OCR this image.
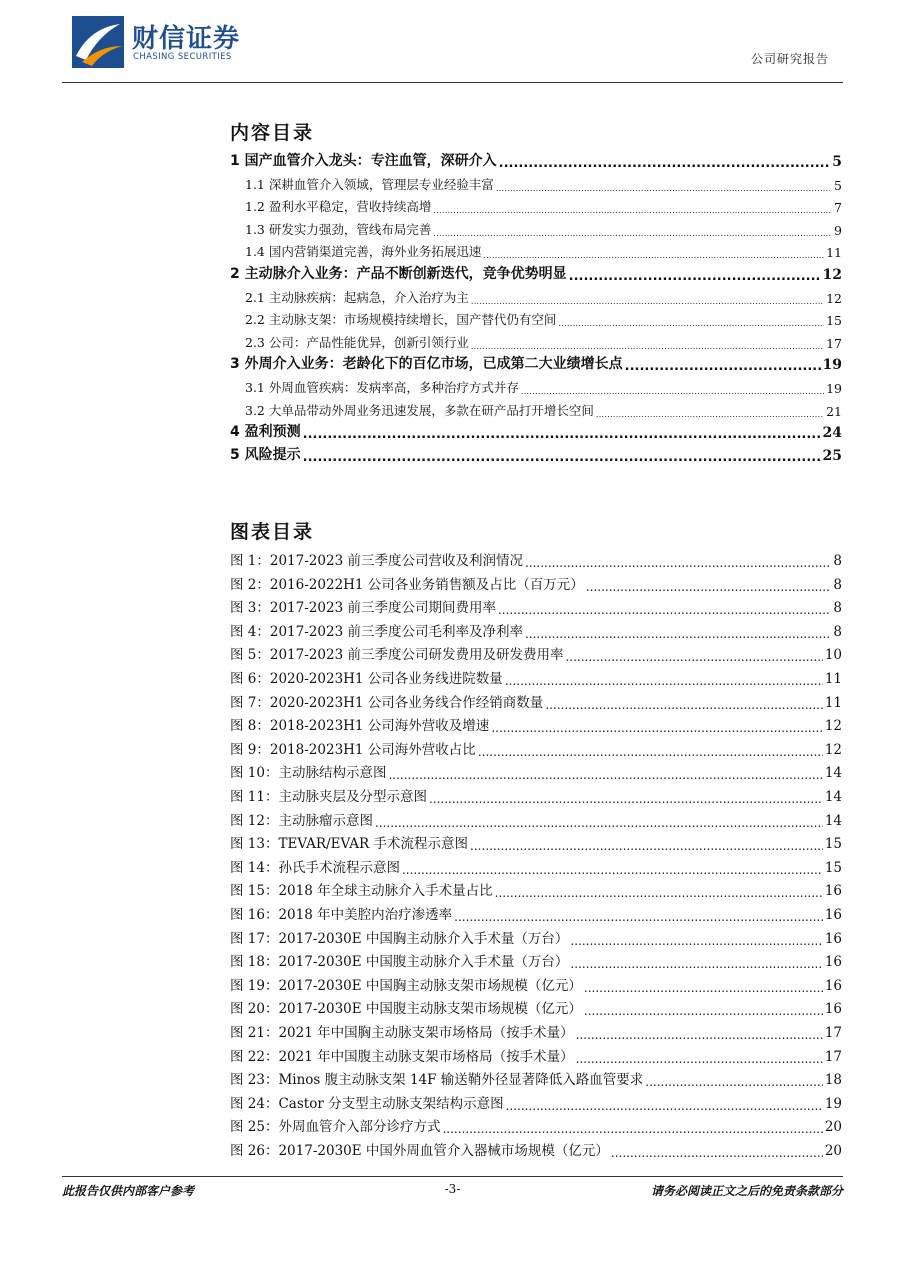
财信证券
CHASING SECURITIES	公司研究报告
内容目录
1 国产血管介入龙头：专注血管，深研介入 .....	5
1.1 深耕血管介入领域，管理层专业经验丰富 .....	5
1.2 盈利水平稳定，营收持续高增 .....	7
1.3 研发实力强劲，管线布局完善 .....	9
1.4 国内营销渠道完善，海外业务拓展迅速 .....	11
2 主动脉介入业务：产品不断创新迭代，竞争优势明显 .....	12
2.1 主动脉疾病：起病急，介入治疗为主 .....	12
2.2 主动脉支架：市场规模持续增长，国产替代仍有空间 .....	15
2.3 公司：产品性能优异，创新引领行业 .....	17
3 外周介入业务：老龄化下的百亿市场，已成第二大业绩增长点 .....	19
3.1 外周血管疾病：发病率高，多种治疗方式并存 .....	19
3.2 大单品带动外周业务迅速发展，多款在研产品打开增长空间 .....	21
4 盈利预测 .....	24
5 风险提示 .....	25
图表目录
图 1：2017-2023 前三季度公司营收及利润情况 .....	8
图 2：2016-2022H1 公司各业务销售额及占比（百万元） .....	8
图 3：2017-2023 前三季度公司期间费用率 .....	8
图 4：2017-2023 前三季度公司毛利率及净利率 .....	8
图 5：2017-2023 前三季度公司研发费用及研发费用率 .....	10
图 6：2020-2023H1 公司各业务线进院数量 .....	11
图 7：2020-2023H1 公司各业务线合作经销商数量 .....	11
图 8：2018-2023H1 公司海外营收及增速 .....	12
图 9：2018-2023H1 公司海外营收占比 .....	12
图 10：主动脉结构示意图 .....	14
图 11：主动脉夹层及分型示意图 .....	14
图 12：主动脉瘤示意图 .....	14
图 13：TEVAR/EVAR 手术流程示意图 .....	15
图 14：孙氏手术流程示意图 .....	15
图 15：2018 年全球主动脉介入手术量占比 .....	16
图 16：2018 年中美腔内治疗渗透率 .....	16
图 17：2017-2030E 中国胸主动脉介入手术量（万台） .....	16
图 18：2017-2030E 中国腹主动脉介入手术量（万台） .....	16
图 19：2017-2030E 中国胸主动脉支架市场规模（亿元） .....	16
图 20：2017-2030E 中国腹主动脉支架市场规模（亿元） .....	16
图 21：2021 年中国胸主动脉支架市场格局（按手术量） .....	17
图 22：2021 年中国腹主动脉支架市场格局（按手术量） .....	17
图 23：Minos 腹主动脉支架 14F 输送鞘外径显著降低入路血管要求 .....	18
图 24：Castor 分支型主动脉支架结构示意图 .....	19
图 25：外周血管介入部分诊疗方式 .....	20
图 26：2017-2030E 中国外周血管介入器械市场规模（亿元） .....	20
此报告仅供内部客户参考	-3-	请务必阅读正文之后的免责条款部分
